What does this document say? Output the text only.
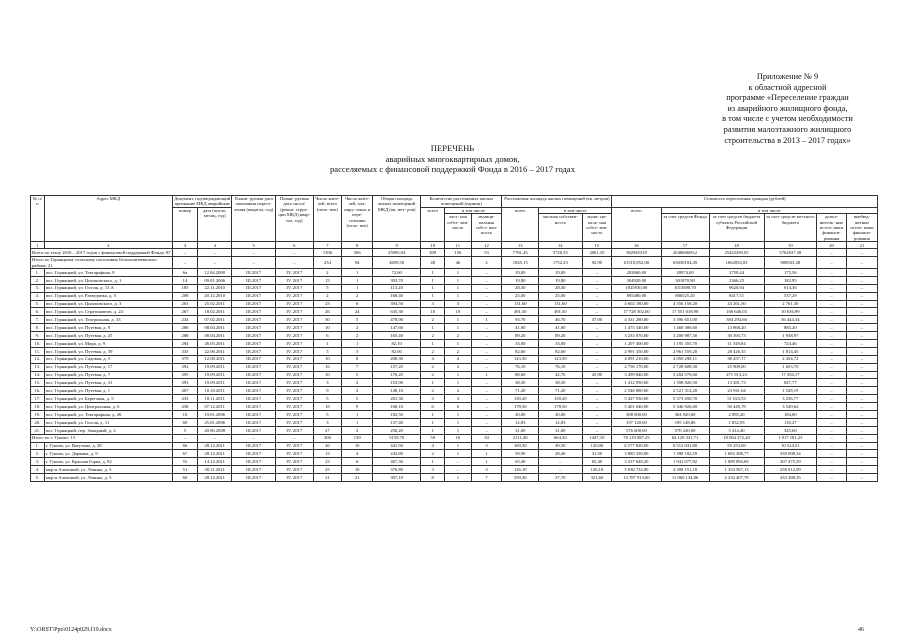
Приложение № 9
к областной адресной
программе «Переселение граждан
из аварийного жилищного фонда,
в том числе с учетом необходимости
развития малоэтажного жилищного
строительства в 2013 – 2017 годах»
ПЕРЕЧЕНЬ
аварийных многоквартирных домов,
расселяемых с финансовой поддержкой Фонда в 2016 – 2017 годах
№ п/п	Адрес МКД	Документ, подтверждающий признание МКД аварийным		Плани- руемая дата окончания пересе- ления (квартал, год)	Плани- руемая дата сноса/ (рекон- струк- ции МКД (квар- тал, год)	Число жите- лей, всего (чело- век)	Число жите- лей, пла- ниру- емых к пере- селению (чело- век)	Общая площадь жилых помещений МКД (кв. мет- ров)	Количество расселяемых жилых помещений (единиц)			Расселяемая площадь жилых помещений (кв. метров)			Стоимость переселения граждан (рублей)					
		номер	дата (число, месяц, год)						всего	в том числе		всего	в том числе		всего	в том числе				
										част- ная собст- вен- ность	муници- пальная собст- вен- ность		частная собствен- ность	муни- ци- паль- ная собст- вен- ность		за счет средств Фонда	за счет средств бюджета субъекта Российской Федерации	за счет средств местного бюджета	допол- нитель- ные источ- ники финанси- рования	внебюд- жетные источ- ники финанси- рования
1	2	3	4	5	6	7	8	9	10	11	12	13	14	15	16	17	18	19	20	21
Всего по этапу 2016 – 2017 годов с финансовой поддержкой Фонда: 87		–	–	–	–	1396	506	25985,04	209	156	53	7781,45	5720,35	2061,10	382945318	204866609,2	25425290,05	5762637,38	–	–
Итого по Горняцкому сельскому поселению Белокалитвинского района: 21		–	–	–	–	234	94	4659,50	48	46	2	1845,13	1752,23	92,90	61510,852,00	63030104,49	1662054,03	808033,48	–	–
1.	пос. Горняцкий, ул. Тектарафная, 9	6а	12.04.2000	III.2017	IV. 2017	2	1	72,60	1	1	–	19,00	19,00	–	282660,00	28974,00	2750,44	175,56	–	–
2.	пос. Горняцкий, ул. Циолковского, д. 1	14	09.01.2006	III.2017	IV. 2017	15	1	393,70	1	1	–	19,80	19,80	–	304920,00	301870,80	2366,25	182,95	–	–
3.	пос. Горняцкий, ул. Гоголя, д. 13 А	185	22.11.2010	III.2017	IV. 2017	5	1	113,20	1	1	–	28,30	28,30	–	1025930,00	1013690,70	9620,94	614,36	–	–
4.	пос. Горняцкий, ул. Разведчика, д. 5	208	20.12.2010	III.2017	IV. 2017	2	2	168,40	1	1	–	25,00	25,00	–	895480,00	886525,20	8417,51	537,29	–	–
5.	пос. Горняцкий, ул. Циолковского, д. 3	263	25.02.2011	III.2017	IV. 2017	23	8	394,50	3	3	–	131,60	131,60	–	4 602 180,00	4 556 158,20	43 261,50	2 761,30	–	–
6.	пос. Горняцкий, ул. Стратонавтов, д. 24	267	18.02.2011	III.2017	IV. 2017	26	24	635,30	10	10	–	491,50	491,50	–	17 728 302,00	17 551 018,98	166 646,03	10 636,99	–	–
7.	пос. Горняцкий, ул. Театральная, д. 33	234	07.02.2011	III.2017	IV. 2017	50	5	470,00	2	1	1	93,70	46,70	47,00	4 331 280,00	3 396 651,00	384 294,66	36 444,34	–	–
8.	пос. Горняцкий, ул. Путевая, д. 9	286	08.04.2011	III.2017	IV. 2017	10	2	147,60	1	1	–	41,00	41,00	–	1 475 340,00	1 460 386,60	13 868,20	885,20	–	–
9.	пос. Горняцкий, ул. Путевая, д. 25	288	08.04.2011	III.2017	IV. 2017	6	2	165,40	2	2	–	89,20	89,20	–	3 233 070,00	3 200 987,30	30 393,73	1 938,97	–	–
10.	пос. Горняцкий, ул. Мира, д. 9	294	26.05.2011	III.2017	IV. 2017	1	1	82,10	1	1	–	33,00	33,00	–	1 207 400,00	1 195 355,70	11 349,84	724,46	–	–
11.	пос. Горняцкий, ул. Путевая, д. 39	335	22.06.2011	III.2017	IV. 2017	5	5	82,00	2	2	–	82,60	82,60	–	2 991 350,00	2 961 559,20	28 426,35	1 814,45	–	–
12.	пос. Горняцкий, ул. Садовая, д. 5	379	12.08.2011	III.2017	IV. 2017	10	8	208,30	4	4	–	123,50	123,50	–	4 091 210,00	4 050 298,11	38 457,17	2 454,72	–	–
13.	пос. Горняцкий, ул. Путевая, д. 17	392	19.09.2011	III.2017	IV. 2017	16	7	157,20	2	2	–	76,10	76,10	–	2 756 170,00	2 728 608,30	25 909,00	1 653,70	–	–
14.	пос. Горняцкий, ул. Путевая, д. 7	395	19.09.2011	III.2017	IV. 2017	10	5	176,20	2	1	1	88,60	42,70	45,90	3 499 840,00	3 204 570,60	271 913,23	17 356,17	–	–
15.	пос. Горняцкий, ул. Путевая, д. 31	393	19.09.2011	III.2017	IV. 2017	3	2	153,90	1	1	–	38,50	38,50	–	1 412 950,00	1 398 820,50	13 281,73	847,77	–	–
16.	пос. Горняцкий, ул. Путевая, д. 1	407	10.10.2011	III.2017	IV. 2017	9	2	140,10	2	2	–	71,20	71,20	–	2 546 880,00	2 521 314,20	23 941,64	1 528,19	–	–
17.	пос. Горняцкий, ул. Береговая, д. 5	433	18.11.2011	III.2017	IV. 2017	5	5	201,30	3	3	–	150,20	150,20	–	5 427 930,00	5 373 650,70	51 023,53	3 256,77	–	–
18.	пос. Горняцкий, ул. Центральная, д. 6	438	07.12.2011	III.2017	IV. 2017	18	9	168,10	6	6	–	178,50	178,50	–	5 401 040,00	5 346 926,60	50 449,78	3 549,62	–	–
19.	пос. Горняцкий, ул. Тектарафная, д. 26	10	19.01.2006	III.2017	IV. 2017	5	1	182,50	1	1	–	20,00	20,00	–	308 000,00	304 920,00	2 895,20	184,80	–	–
20.	пос. Горняцкий, ул. Гоголя, д. 11	69	25.01.2006	III.2017	IV. 2017	3	1	137,40	1	1	–	12,83	12,83	–	197 120,00	195 148,80	1 852,93	118,27	–	–
21.	пос. Горняцкий, пер. Западный, д. 2	5	20.06.2008	III.2017	IV. 2017	27	2	256,20	1	1	–	31,00	31,00	–	576 600,00	570 240,00	5 414,40	345,60	–	–
Итого по г. Гуково: 13		–	–	–	–	300	139	5159,70	50	16	34	2111,40	664,30	1447,10	76 119 087,25	64 129 331,71	10 064 272,20	1 917 181,25	–	–
1.	г. Гуково, ул. Ватутина, д. 28	66	28.12.2011	III.2017	IV. 2017	26	16	441,50	4	1	3	169,50	49,50	120,00	6 577 820,00	6 512 041,80	55 253,69	10 524,51	–	–
2.	г. Гуково, ул. Дарвина, д. 9	67	28.12.2011	III.2017	IV. 2017	13	4	242,80	2	1	1	59,90	28,40	31,50	3 885 339,00	1 398 182,59	1 683 308,77	330 098,34	–	–
3.	г. Гуково, ул. Красная Горка, д. 92	55	14.12.2011	III.2017	IV. 2017	23	6	467,30	1	–	1	65,40	–	65,40	3 237 648,20	1 941 077,92	1 089 094,69	207 475,59	–	–
4.	мкр-н Алмазный, ул. Ленина, д. 3	51	30.11.2011	III.2017	IV. 2017	25	10	376,80	3	–	3	126,10	–	126,10	5 030 732,00	4 308 151,18	1 354 567,13	258 012,99	–	–
5.	мкр-н Алмазный, ул. Ленина, д. 5	60	28.12.2011	III.2017	IV. 2017	21	21	397,10	8	1	7	359,30	37,70	321,60	13 787 913,00	11 060 134,86	2 234 407,79	433 388,35	–	–
Y:\ORST\Ppo\0124p029.f19.docx	46
